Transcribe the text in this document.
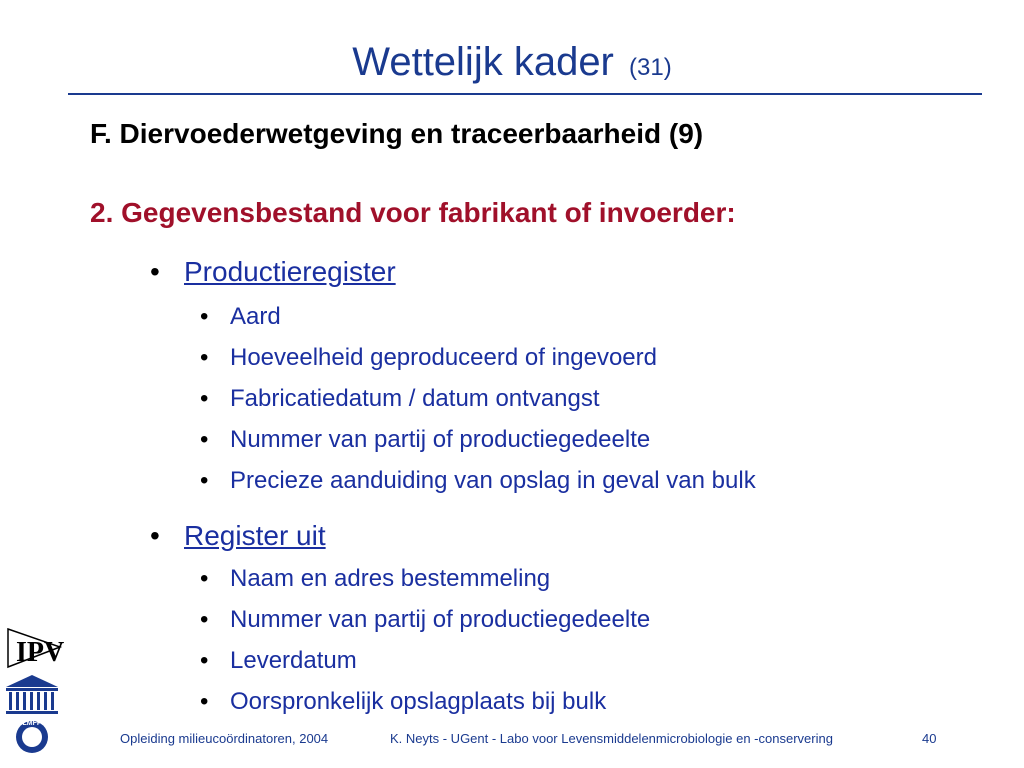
Wettelijk kader (31)
F. Diervoederwetgeving en traceerbaarheid (9)
2. Gegevensbestand voor fabrikant of invoerder:
• Productieregister
• Aard
• Hoeveelheid geproduceerd of ingevoerd
• Fabricatiedatum / datum ontvangst
• Nummer van partij of productiegedeelte
• Precieze aanduiding van opslag in geval van bulk
• Register uit
• Naam en adres bestemmeling
• Nummer van partij of productiegedeelte
• Leverdatum
• Oorspronkelijk opslagplaats bij bulk
IPV
LMFP
Opleiding milieucoördinatoren, 2004	K. Neyts - UGent - Labo voor Levensmiddelenmicrobiologie en -conservering	40
